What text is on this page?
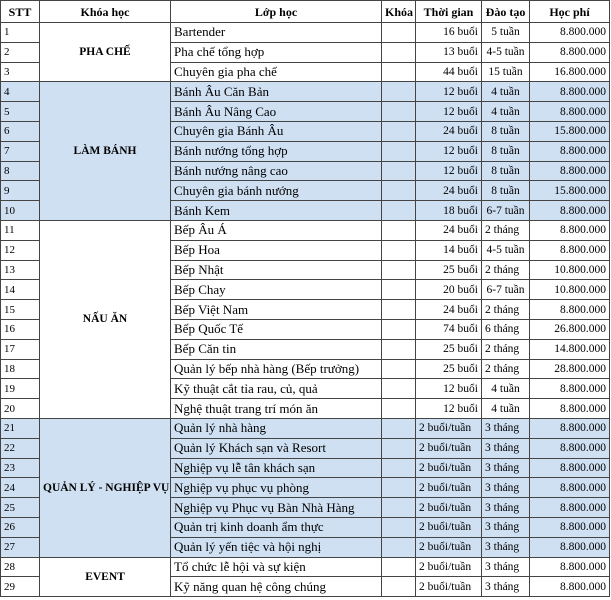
STT	Khóa học	Lớp học	Khóa	Thời gian	Đào tạo	Học phí
1	PHA CHẾ	Bartender		16 buổi	5 tuần	8.800.000
2		Pha chế tổng hợp		13 buổi	4-5 tuần	8.800.000
3		Chuyên gia pha chế		44 buổi	15 tuần	16.800.000
4	LÀM BÁNH	Bánh Âu Căn Bản		12 buổi	4 tuần	8.800.000
5		Bánh Âu Nâng Cao		12 buổi	4 tuần	8.800.000
6		Chuyên gia Bánh Âu		24 buổi	8 tuần	15.800.000
7		Bánh nướng tổng hợp		12 buổi	8 tuần	8.800.000
8		Bánh nướng nâng cao		12 buổi	8 tuần	8.800.000
9		Chuyên gia bánh nướng		24 buổi	8 tuần	15.800.000
10		Bánh Kem		18 buổi	6-7 tuần	8.800.000
11	NẤU ĂN	Bếp Âu Á		24 buổi	2 tháng	8.800.000
12		Bếp Hoa		14 buổi	4-5 tuần	8.800.000
13		Bếp Nhật		25 buổi	2 tháng	10.800.000
14		Bếp Chay		20 buổi	6-7 tuần	10.800.000
15		Bếp Việt Nam		24 buổi	2 tháng	8.800.000
16		Bếp Quốc Tế		74 buổi	6 tháng	26.800.000
17		Bếp Căn tin		25 buổi	2 tháng	14.800.000
18		Quản lý bếp nhà hàng (Bếp trưởng)		25 buổi	2 tháng	28.800.000
19		Kỹ thuật cắt tỉa rau, củ, quả		12 buổi	4 tuần	8.800.000
20		Nghệ thuật trang trí món ăn		12 buổi	4 tuần	8.800.000
21	QUẢN LÝ - NGHIỆP VỤ	Quản lý nhà hàng		2 buổi/tuần	3 tháng	8.800.000
22		Quản lý Khách sạn và Resort		2 buổi/tuần	3 tháng	8.800.000
23		Nghiệp vụ lễ tân khách sạn		2 buổi/tuần	3 tháng	8.800.000
24		Nghiệp vụ phục vụ phòng		2 buổi/tuần	3 tháng	8.800.000
25		Nghiệp vụ Phục vụ Bàn Nhà Hàng		2 buổi/tuần	3 tháng	8.800.000
26		Quản trị kinh doanh ẩm thực		2 buổi/tuần	3 tháng	8.800.000
27		Quản lý yến tiệc và hội nghị		2 buổi/tuần	3 tháng	8.800.000
28	EVENT	Tổ chức lễ hội và sự kiện		2 buổi/tuần	3 tháng	8.800.000
29		Kỹ năng quan hệ công chúng		2 buổi/tuần	3 tháng	8.800.000
